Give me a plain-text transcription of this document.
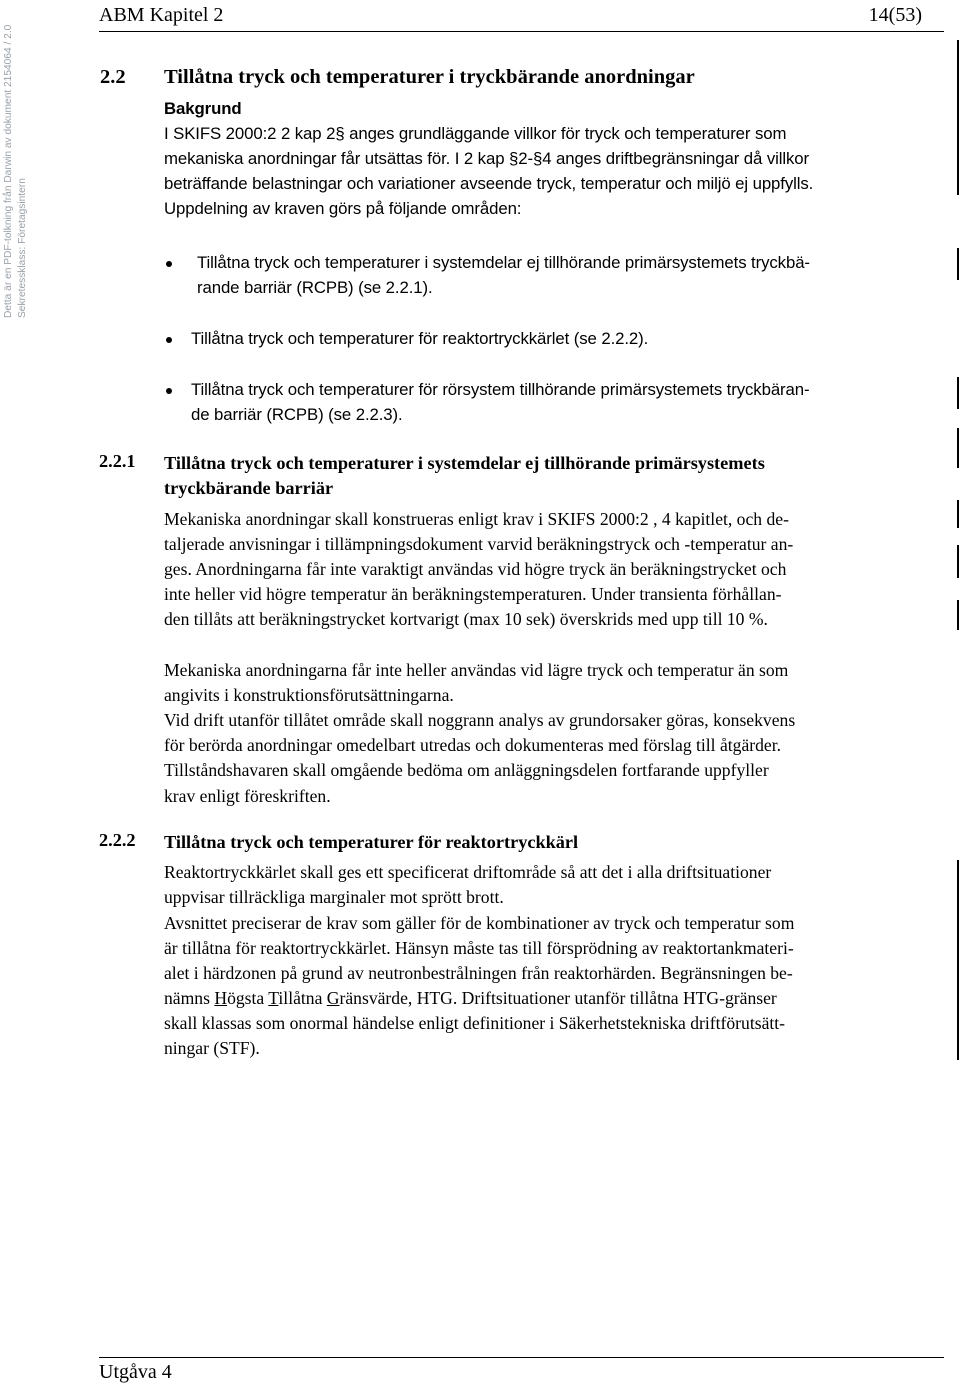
ABM Kapitel 2	14(53)
Detta är en PDF-tolkning från Darwin av dokument 2154064 / 2.0 Sekretessklass: Företagsintern
2.2 Tillåtna tryck och temperaturer i tryckbärande anordningar
Bakgrund
I SKIFS 2000:2 2 kap 2§ anges grundläggande villkor för tryck och temperaturer som
mekaniska anordningar får utsättas för. I 2 kap §2-§4 anges driftbegränsningar då villkor
beträffande belastningar och variationer avseende tryck, temperatur och miljö ej uppfylls.
Uppdelning av kraven görs på följande områden:
Tillåtna tryck och temperaturer i systemdelar ej tillhörande primärsystemets tryckbä-
rande barriär (RCPB) (se 2.2.1).
Tillåtna tryck och temperaturer för reaktortryckkärlet (se 2.2.2).
Tillåtna tryck och temperaturer för rörsystem tillhörande primärsystemets tryckbäran-
de barriär (RCPB) (se 2.2.3).
2.2.1 Tillåtna tryck och temperaturer i systemdelar ej tillhörande primärsystemets
tryckbärande barriär
Mekaniska anordningar skall konstrueras enligt krav i SKIFS 2000:2 , 4 kapitlet, och de-
taljerade anvisningar i tillämpningsdokument varvid beräkningstryck och -temperatur an-
ges. Anordningarna får inte varaktigt användas vid högre tryck än beräkningstrycket och
inte heller vid högre temperatur än beräkningstemperaturen. Under transienta förhållan-
den tillåts att beräkningstrycket kortvarigt (max 10 sek) överskrids med upp till 10 %.
Mekaniska anordningarna får inte heller användas vid lägre tryck och temperatur än som
angivits i konstruktionsförutsättningarna.
Vid drift utanför tillåtet område skall noggrann analys av grundorsaker göras, konsekvens
för berörda anordningar omedelbart utredas och dokumenteras med förslag till åtgärder.
Tillståndshavaren skall omgående bedöma om anläggningsdelen fortfarande uppfyller
krav enligt föreskriften.
2.2.2 Tillåtna tryck och temperaturer för reaktortryckkärl
Reaktortryckkärlet skall ges ett specificerat driftområde så att det i alla driftsituationer
uppvisar tillräckliga marginaler mot sprött brott.
Avsnittet preciserar de krav som gäller för de kombinationer av tryck och temperatur som
är tillåtna för reaktortryckkärlet. Hänsyn måste tas till försprödning av reaktortankmateri-
alet i härdzonen på grund av neutronbestrålningen från reaktorhärden. Begränsningen be-
nämns Högsta Tillåtna Gränsvärde, HTG. Driftsituationer utanför tillåtna HTG-gränser
skall klassas som onormal händelse enligt definitioner i Säkerhetstekniska driftförutsätt-
ningar (STF).
Utgåva 4
